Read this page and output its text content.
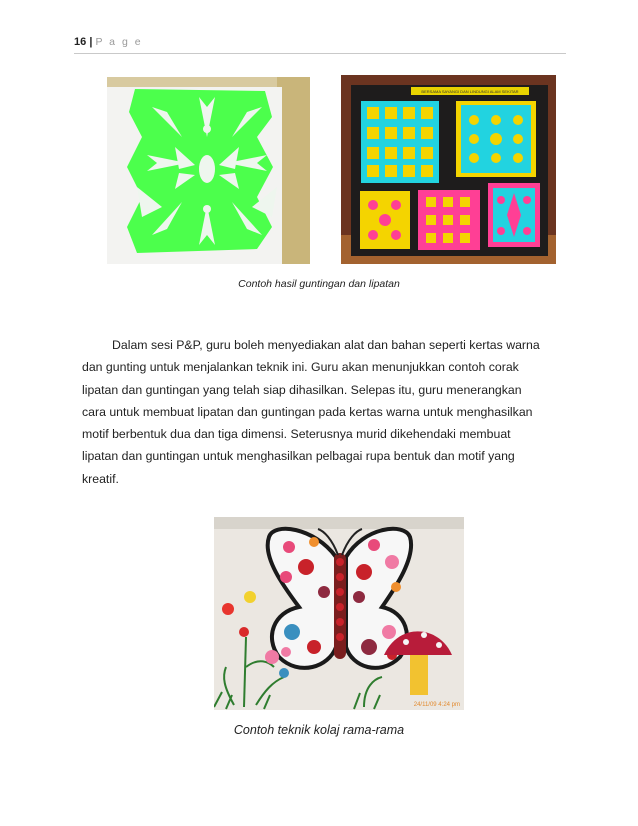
16 | P a g e
BERSAMA SAYANGI DAN LINDUNGI ALAM SEKITAR
Contoh hasil guntingan dan lipatan
Dalam sesi P&P, guru boleh menyediakan alat dan bahan seperti kertas warna
dan gunting untuk menjalankan teknik ini. Guru akan menunjukkan contoh corak
lipatan dan guntingan yang telah siap dihasilkan. Selepas itu, guru menerangkan
cara untuk membuat lipatan dan guntingan pada kertas warna untuk menghasilkan
motif berbentuk dua dan tiga dimensi. Seterusnya murid dikehendaki membuat
lipatan dan guntingan untuk menghasilkan pelbagai rupa bentuk dan motif yang
kreatif.
24/11/09 4:24 pm
Contoh teknik kolaj rama-rama
